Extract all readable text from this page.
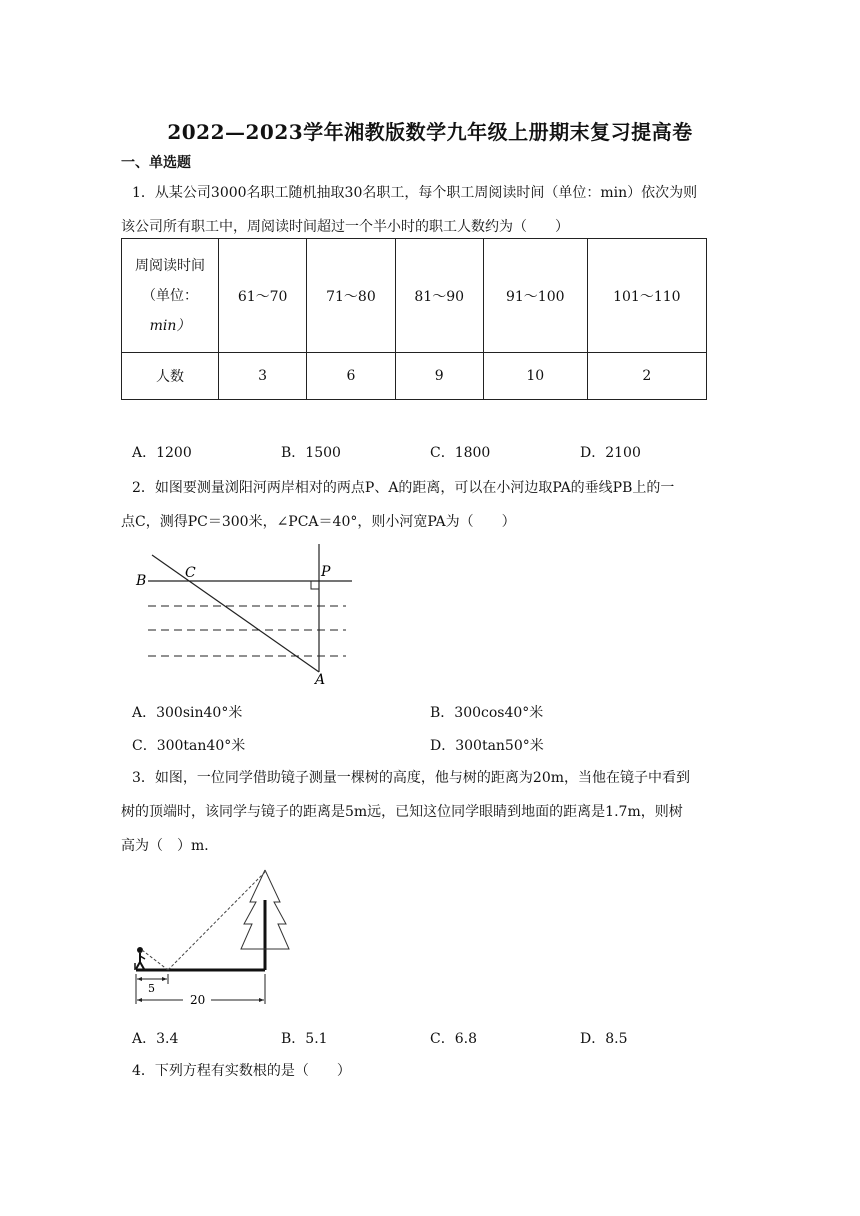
2022—2023学年湘教版数学九年级上册期末复习提高卷
一、单选题
1．从某公司3000名职工随机抽取30名职工，每个职工周阅读时间（单位：min）依次为则
该公司所有职工中，周阅读时间超过一个半小时的职工人数约为（　　）
周阅读时间
（单位：
min）	61～70	71～80	81～90	91～100	101～110
人数	3	6	9	10	2
A．1200	B．1500	C．1800	D．2100
2．如图要测量浏阳河两岸相对的两点P、A的距离，可以在小河边取PA的垂线PB上的一
点C，测得PC＝300米，∠PCA＝40°，则小河宽PA为（　　）
B	C	P
A
A．300sin40°米	B．300cos40°米
C．300tan40°米	D．300tan50°米
3．如图，一位同学借助镜子测量一棵树的高度，他与树的距离为20m，当他在镜子中看到
树的顶端时，该同学与镜子的距离是5m远，已知这位同学眼睛到地面的距离是1.7m，则树
高为（　）m．
5
20
A．3.4	B．5.1	C．6.8	D．8.5
4．下列方程有实数根的是（　　）
